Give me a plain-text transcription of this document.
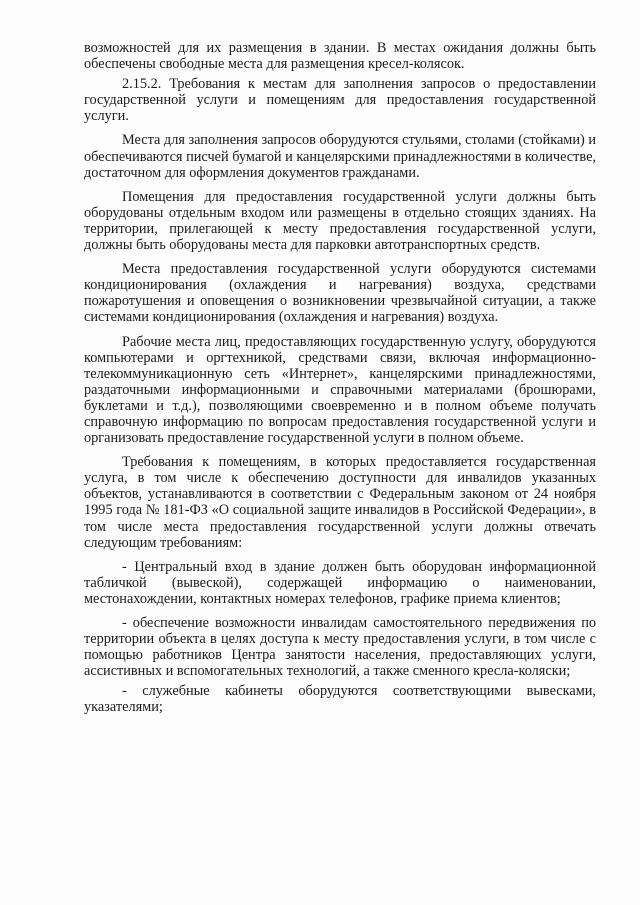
возможностей для их размещения в здании. В местах ожидания должны быть обеспечены свободные места для размещения кресел-колясок.

2.15.2. Требования к местам для заполнения запросов о предоставлении государственной услуги и помещениям для предоставления государственной услуги.

Места для заполнения запросов оборудуются стульями, столами (стойками) и обеспечиваются писчей бумагой и канцелярскими принадлежностями в количестве, достаточном для оформления документов гражданами.

Помещения для предоставления государственной услуги должны быть оборудованы отдельным входом или размещены в отдельно стоящих зданиях. На территории, прилегающей к месту предоставления государственной услуги, должны быть оборудованы места для парковки автотранспортных средств.

Места предоставления государственной услуги оборудуются системами кондиционирования (охлаждения и нагревания) воздуха, средствами пожаротушения и оповещения о возникновении чрезвычайной ситуации, а также системами кондиционирования (охлаждения и нагревания) воздуха.

Рабочие места лиц, предоставляющих государственную услугу, оборудуются компьютерами и оргтехникой, средствами связи, включая информационно-телекоммуникационную сеть «Интернет», канцелярскими принадлежностями, раздаточными информационными и справочными материалами (брошюрами, буклетами и т.д.), позволяющими своевременно и в полном объеме получать справочную информацию по вопросам предоставления государственной услуги и организовать предоставление государственной услуги в полном объеме.

Требования к помещениям, в которых предоставляется государственная услуга, в том числе к обеспечению доступности для инвалидов указанных объектов, устанавливаются в соответствии с Федеральным законом от 24 ноября 1995 года № 181-ФЗ «О социальной защите инвалидов в Российской Федерации», в том числе места предоставления государственной услуги должны отвечать следующим требованиям:

- Центральный вход в здание должен быть оборудован информационной табличкой (вывеской), содержащей информацию о наименовании, местонахождении, контактных номерах телефонов, графике приема клиентов;

- обеспечение возможности инвалидам самостоятельного передвижения по территории объекта в целях доступа к месту предоставления услуги, в том числе с помощью работников Центра занятости населения, предоставляющих услуги, ассистивных и вспомогательных технологий, а также сменного кресла-коляски;

- служебные кабинеты оборудуются соответствующими вывесками, указателями;
